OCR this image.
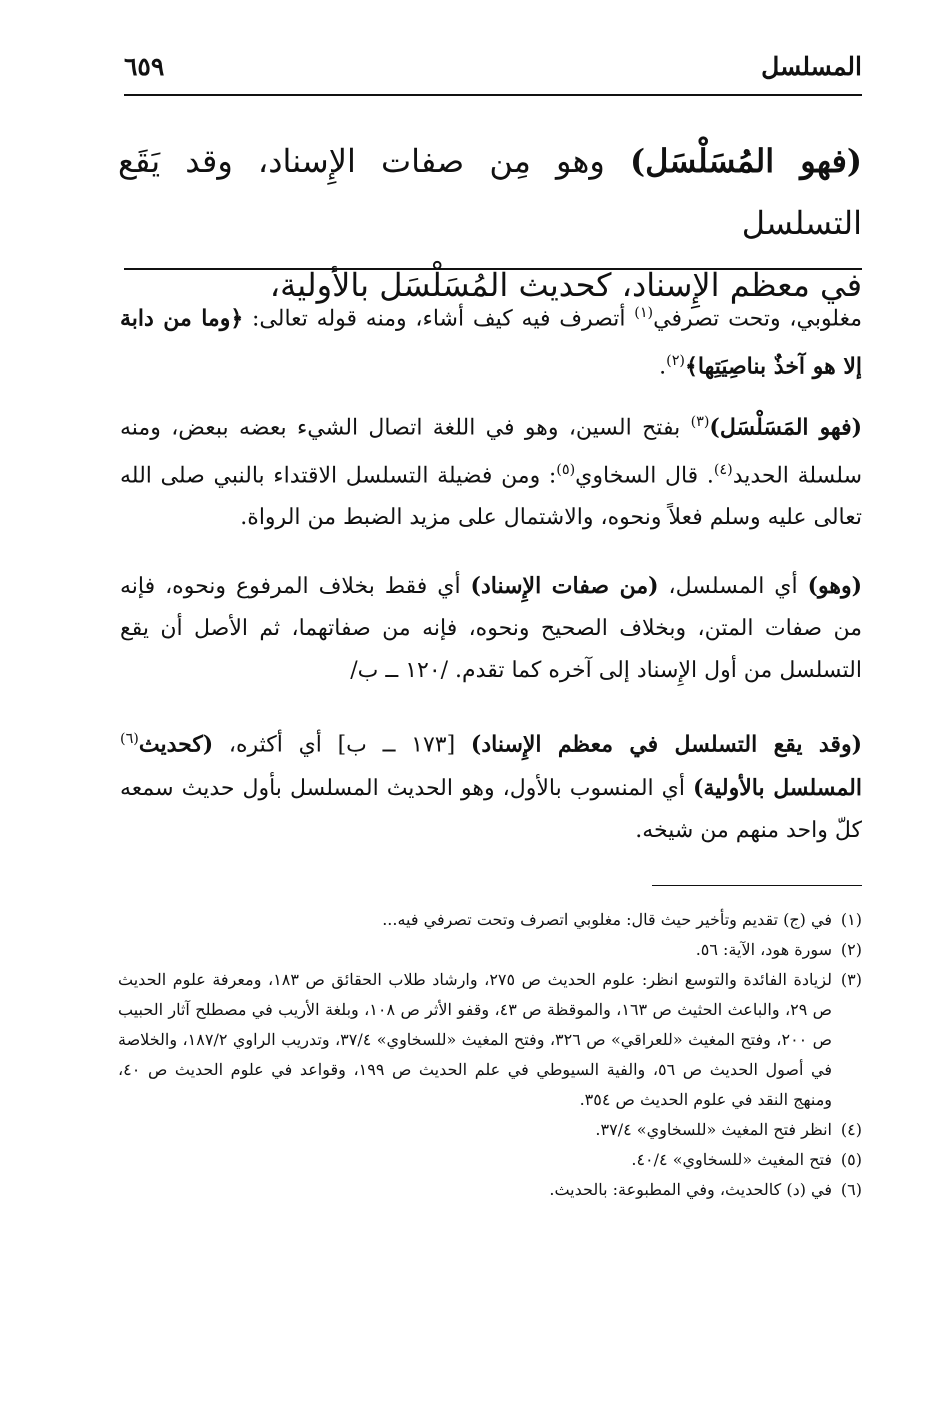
المسلسل
٦٥٩

(فهو المُسَلْسَل) وهو مِن صفات الإِسناد، وقد يَقَع التسلسل

في معظم الإِسناد، كحديث المُسَلْسَل بالأولية،

مغلوبي، وتحت تصرفي$^{(١)}$ أتصرف فيه كيف أشاء، ومنه قوله تعالى: ﴿وما من دابة إلا هو آخذٌ بناصِيَتِها﴾$^{(٢)}$.

(فهو المَسَلْسَل)$^{(٣)}$ بفتح السين، وهو في اللغة اتصال الشيء بعضه ببعض، ومنه سلسلة الحديد$^{(٤)}$. قال السخاوي$^{(٥)}$: ومن فضيلة التسلسل الاقتداء بالنبي صلى الله تعالى عليه وسلم فعلاً ونحوه، والاشتمال على مزيد الضبط من الرواة.

(وهو) أي المسلسل، (من صفات الإِسناد) أي فقط بخلاف المرفوع ونحوه، فإنه من صفات المتن، وبخلاف الصحيح ونحوه، فإنه من صفاتهما، ثم الأصل أن يقع التسلسل من أول الإِسناد إلى آخره كما تقدم. /١٢٠ ــ ب/

(وقد يقع التسلسل في معظم الإِسناد) [١٧٣ ــ ب] أي أكثره، (كحديث$^{(٦)}$ المسلسل بالأولية) أي المنسوب بالأول، وهو الحديث المسلسل بأول حديث سمعه كلّ واحد منهم من شيخه.

(١)
في (ج) تقديم وتأخير حيث قال: مغلوبي اتصرف وتحت تصرفي فيه...
(٢)
سورة هود، الآية: ٥٦.
(٣)
لزيادة الفائدة والتوسع انظر: علوم الحديث ص ٢٧٥، وارشاد طلاب الحقائق ص ١٨٣، ومعرفة علوم الحديث ص ٢٩، والباعث الحثيث ص ١٦٣، والموقظة ص ٤٣، وقفو الأثر ص ١٠٨، وبلغة الأريب في مصطلح آثار الحبيب ص ٢٠٠، وفتح المغيث «للعراقي» ص ٣٢٦، وفتح المغيث «للسخاوي» ٣٧/٤، وتدريب الراوي ١٨٧/٢، والخلاصة في أصول الحديث ص ٥٦، والفية السيوطي في علم الحديث ص ١٩٩، وقواعد في علوم الحديث ص ٤٠، ومنهج النقد في علوم الحديث ص ٣٥٤.
(٤)
انظر فتح المغيث «للسخاوي» ٣٧/٤.
(٥)
فتح المغيث «للسخاوي» ٤٠/٤.
(٦)
في (د) كالحديث، وفي المطبوعة: بالحديث.
